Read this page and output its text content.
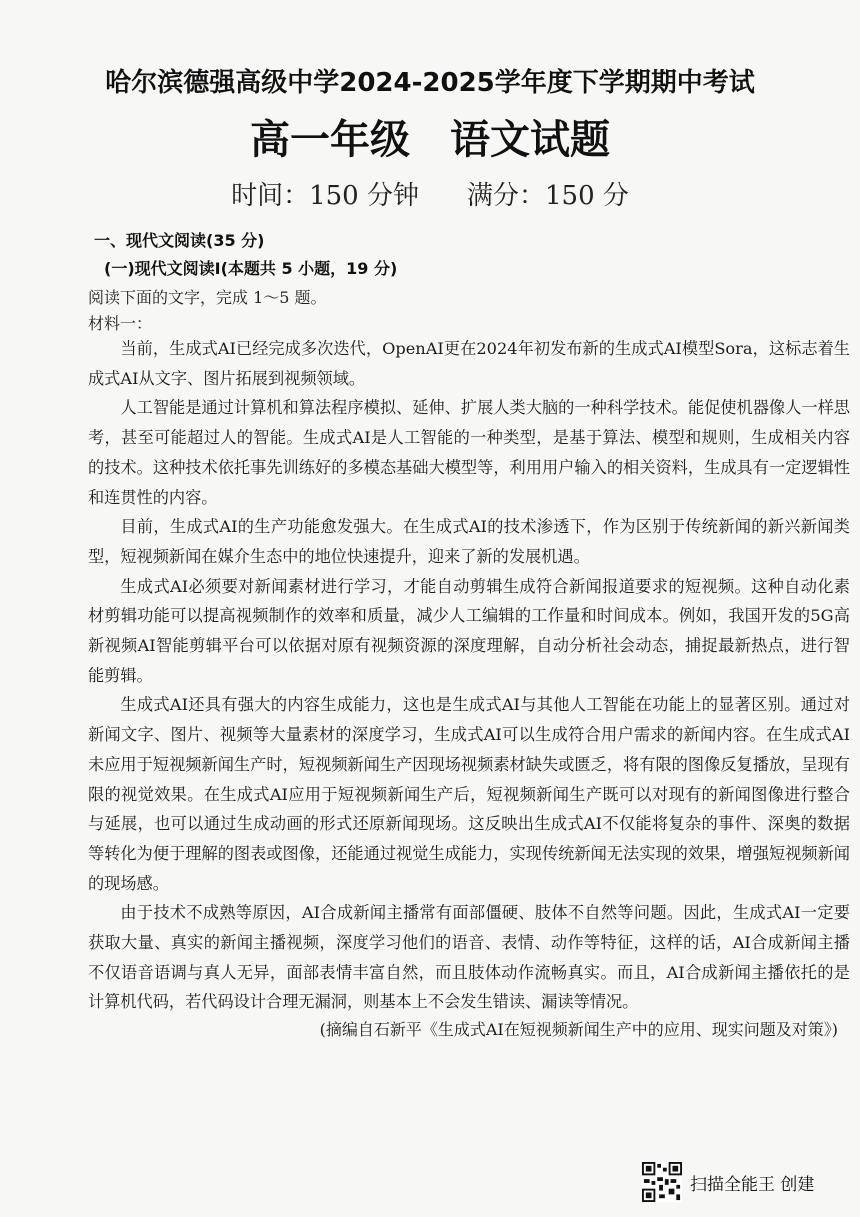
哈尔滨德强高级中学2024-2025学年度下学期期中考试
高一年级 语文试题
时间：150 分钟 满分：150 分
一、现代文阅读(35 分)
(一)现代文阅读Ⅰ(本题共 5 小题，19 分)
阅读下面的文字，完成 1～5 题。
材料一：

当前，生成式AI已经完成多次迭代，OpenAI更在2024年初发布新的生成式AI模型Sora，这标志着生成式AI从文字、图片拓展到视频领域。

人工智能是通过计算机和算法程序模拟、延伸、扩展人类大脑的一种科学技术。能促使机器像人一样思考，甚至可能超过人的智能。生成式AI是人工智能的一种类型，是基于算法、模型和规则，生成相关内容的技术。这种技术依托事先训练好的多模态基础大模型等，利用用户输入的相关资料，生成具有一定逻辑性和连贯性的内容。

目前，生成式AI的生产功能愈发强大。在生成式AI的技术渗透下，作为区别于传统新闻的新兴新闻类型，短视频新闻在媒介生态中的地位快速提升，迎来了新的发展机遇。

生成式AI必须要对新闻素材进行学习，才能自动剪辑生成符合新闻报道要求的短视频。这种自动化素材剪辑功能可以提高视频制作的效率和质量，减少人工编辑的工作量和时间成本。例如，我国开发的5G高新视频AI智能剪辑平台可以依据对原有视频资源的深度理解，自动分析社会动态，捕捉最新热点，进行智能剪辑。

生成式AI还具有强大的内容生成能力，这也是生成式AI与其他人工智能在功能上的显著区别。通过对新闻文字、图片、视频等大量素材的深度学习，生成式AI可以生成符合用户需求的新闻内容。在生成式AI未应用于短视频新闻生产时，短视频新闻生产因现场视频素材缺失或匮乏，将有限的图像反复播放，呈现有限的视觉效果。在生成式AI应用于短视频新闻生产后，短视频新闻生产既可以对现有的新闻图像进行整合与延展，也可以通过生成动画的形式还原新闻现场。这反映出生成式AI不仅能将复杂的事件、深奥的数据等转化为便于理解的图表或图像，还能通过视觉生成能力，实现传统新闻无法实现的效果，增强短视频新闻的现场感。

由于技术不成熟等原因，AI合成新闻主播常有面部僵硬、肢体不自然等问题。因此，生成式AI一定要获取大量、真实的新闻主播视频，深度学习他们的语音、表情、动作等特征，这样的话，AI合成新闻主播不仅语音语调与真人无异，面部表情丰富自然，而且肢体动作流畅真实。而且，AI合成新闻主播依托的是计算机代码，若代码设计合理无漏洞，则基本上不会发生错读、漏读等情况。

(摘编自石新平《生成式AI在短视频新闻生产中的应用、现实问题及对策》)
扫描全能王 创建
